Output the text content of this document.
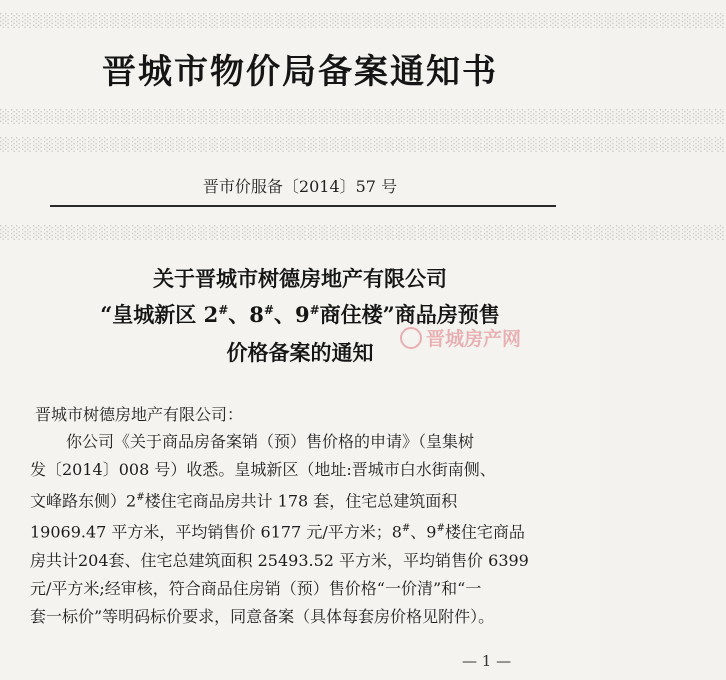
░░░░░░░░░░░░░░░░░░░░░░░░░░░░░░░░░░░░░░░░░░░░░░░░░░░░░░░░░░░░░░░░░░
░░░░░░░░░░░░░░░░░░░░░░░░░░░░░░░░░░░░░░░░░░░░░░░░░░░░░░░░░░░░░░░░░░
░░░░░░░░░░░░░░░░░░░░░░░░░░░░░░░░░░░░░░░░░░░░░░░░░░░░░░░░░░░░░░░░░░
░░░░░░░░░░░░░░░░░░░░░░░░░░░░░░░░░░░░░░░░░░░░░░░░░░░░░░░░░░░░░░░░░░
晋城市物价局备案通知书
晋市价服备〔2014〕57 号
关于晋城市树德房地产有限公司
“皇城新区 2#、8#、9#商住楼”商品房预售
价格备案的通知
晋城房产网
晋城市树德房地产有限公司：
你公司《关于商品房备案销（预）售价格的申请》（皇集树
发〔2014〕008 号）收悉。皇城新区（地址:晋城市白水街南侧、
文峰路东侧）2#楼住宅商品房共计 178 套，住宅总建筑面积
19069.47 平方米，平均销售价 6177 元/平方米；8#、9#楼住宅商品
房共计204套、住宅总建筑面积 25493.52 平方米，平均销售价 6399
元/平方米;经审核，符合商品住房销（预）售价格“一价清”和“一
套一标价”等明码标价要求，同意备案（具体每套房价格见附件）。
— 1 —
